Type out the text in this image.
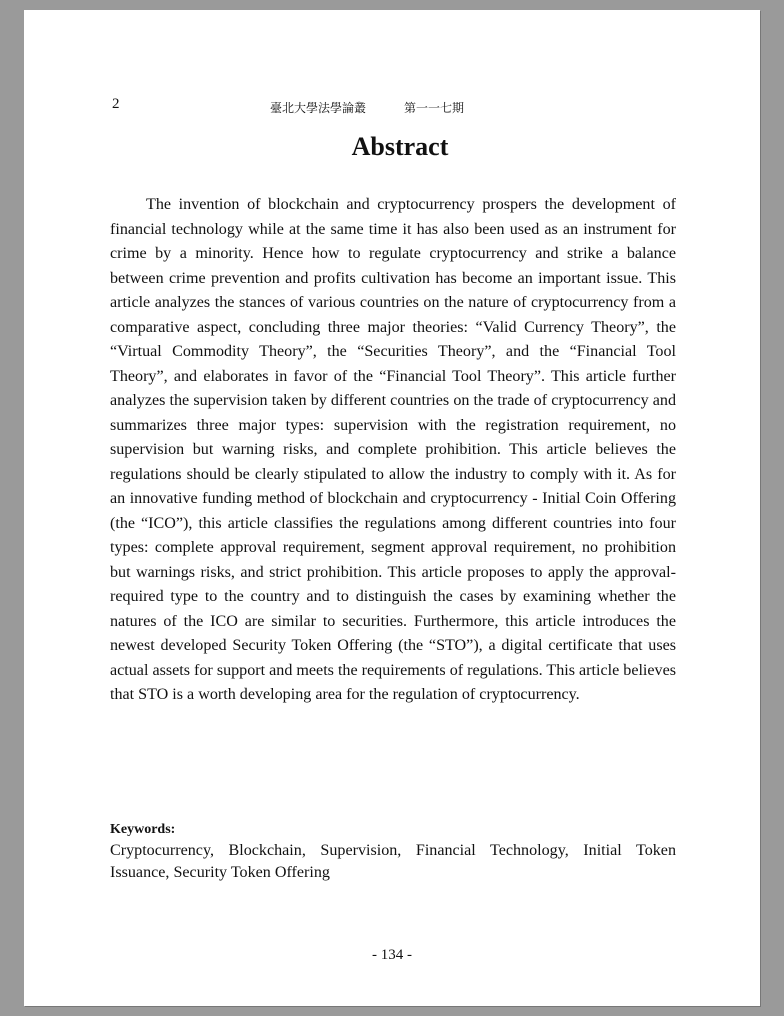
2	臺北大學法學論叢	第一一七期
Abstract

The invention of blockchain and cryptocurrency prospers the development of financial technology while at the same time it has also been used as an instrument for crime by a minority. Hence how to regulate cryptocurrency and strike a balance between crime prevention and profits cultivation has become an important issue. This article analyzes the stances of various countries on the nature of cryptocurrency from a comparative aspect, concluding three major theories: “Valid Currency Theory”, the “Virtual Commodity Theory”, the “Securities Theory”, and the “Financial Tool Theory”, and elaborates in favor of the “Financial Tool Theory”. This article further analyzes the supervision taken by different countries on the trade of cryptocurrency and summarizes three major types: supervision with the registration requirement, no supervision but warning risks, and complete prohibition. This article believes the regulations should be clearly stipulated to allow the industry to comply with it. As for an innovative funding method of blockchain and cryptocurrency - Initial Coin Offering (the “ICO”), this article classifies the regulations among different countries into four types: complete approval requirement, segment approval requirement, no prohibition but warnings risks, and strict prohibition. This article proposes to apply the approval-required type to the country and to distinguish the cases by examining whether the natures of the ICO are similar to securities. Furthermore, this article introduces the newest developed Security Token Offering (the “STO”), a digital certificate that uses actual assets for support and meets the requirements of regulations. This article believes that STO is a worth developing area for the regulation of cryptocurrency.

Keywords:

Cryptocurrency, Blockchain, Supervision, Financial Technology, Initial Token Issuance, Security Token Offering

- 134 -
